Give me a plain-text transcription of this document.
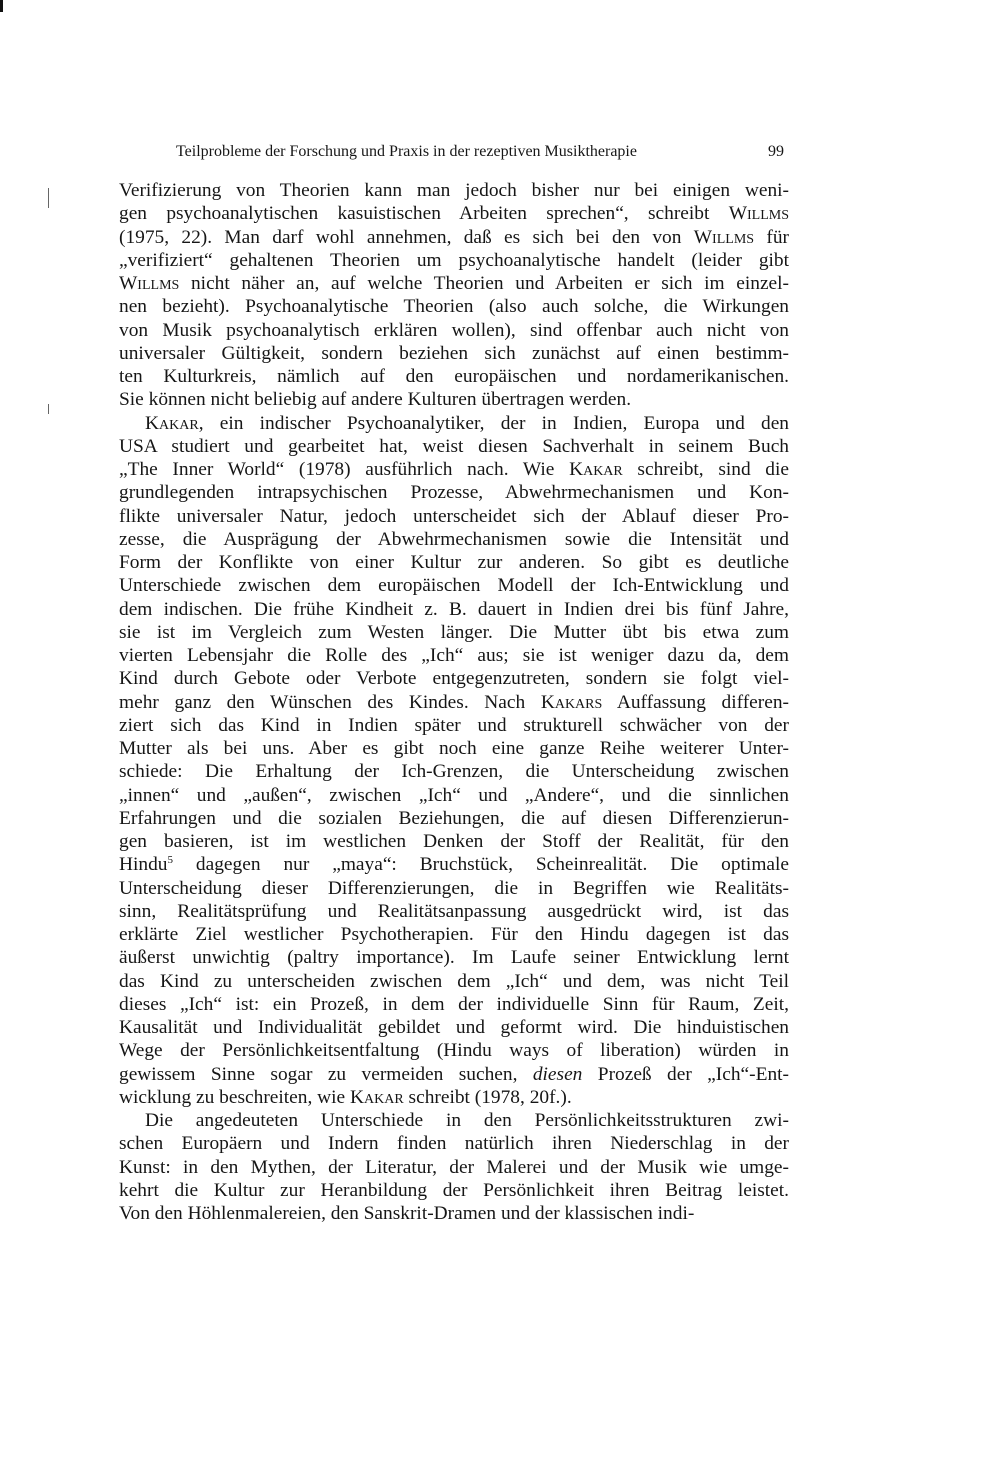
Teilprobleme der Forschung und Praxis in der rezeptiven Musiktherapie	99
Verifizierung von Theorien kann man jedoch bisher nur bei einigen weni-
gen psychoanalytischen kasuistischen Arbeiten sprechen“, schreibt Willms
(1975, 22). Man darf wohl annehmen, daß es sich bei den von Willms für
„verifiziert“ gehaltenen Theorien um psychoanalytische handelt (leider gibt
Willms nicht näher an, auf welche Theorien und Arbeiten er sich im einzel-
nen bezieht). Psychoanalytische Theorien (also auch solche, die Wirkungen
von Musik psychoanalytisch erklären wollen), sind offenbar auch nicht von
universaler Gültigkeit, sondern beziehen sich zunächst auf einen bestimm-
ten Kulturkreis, nämlich auf den europäischen und nordamerikanischen.
Sie können nicht beliebig auf andere Kulturen übertragen werden.
Kakar, ein indischer Psychoanalytiker, der in Indien, Europa und den
USA studiert und gearbeitet hat, weist diesen Sachverhalt in seinem Buch
„The Inner World“ (1978) ausführlich nach. Wie Kakar schreibt, sind die
grundlegenden intrapsychischen Prozesse, Abwehrmechanismen und Kon-
flikte universaler Natur, jedoch unterscheidet sich der Ablauf dieser Pro-
zesse, die Ausprägung der Abwehrmechanismen sowie die Intensität und
Form der Konflikte von einer Kultur zur anderen. So gibt es deutliche
Unterschiede zwischen dem europäischen Modell der Ich-Entwicklung und
dem indischen. Die frühe Kindheit z. B. dauert in Indien drei bis fünf Jahre,
sie ist im Vergleich zum Westen länger. Die Mutter übt bis etwa zum
vierten Lebensjahr die Rolle des „Ich“ aus; sie ist weniger dazu da, dem
Kind durch Gebote oder Verbote entgegenzutreten, sondern sie folgt viel-
mehr ganz den Wünschen des Kindes. Nach Kakars Auffassung differen-
ziert sich das Kind in Indien später und strukturell schwächer von der
Mutter als bei uns. Aber es gibt noch eine ganze Reihe weiterer Unter-
schiede: Die Erhaltung der Ich-Grenzen, die Unterscheidung zwischen
„innen“ und „außen“, zwischen „Ich“ und „Andere“, und die sinnlichen
Erfahrungen und die sozialen Beziehungen, die auf diesen Differenzierun-
gen basieren, ist im westlichen Denken der Stoff der Realität, für den
Hindu$^5$ dagegen nur „maya“: Bruchstück, Scheinrealität. Die optimale
Unterscheidung dieser Differenzierungen, die in Begriffen wie Realitäts-
sinn, Realitätsprüfung und Realitätsanpassung ausgedrückt wird, ist das
erklärte Ziel westlicher Psychotherapien. Für den Hindu dagegen ist das
äußerst unwichtig (paltry importance). Im Laufe seiner Entwicklung lernt
das Kind zu unterscheiden zwischen dem „Ich“ und dem, was nicht Teil
dieses „Ich“ ist: ein Prozeß, in dem der individuelle Sinn für Raum, Zeit,
Kausalität und Individualität gebildet und geformt wird. Die hinduistischen
Wege der Persönlichkeitsentfaltung (Hindu ways of liberation) würden in
gewissem Sinne sogar zu vermeiden suchen, diesen Prozeß der „Ich“-Ent-
wicklung zu beschreiten, wie Kakar schreibt (1978, 20f.).
Die angedeuteten Unterschiede in den Persönlichkeitsstrukturen zwi-
schen Europäern und Indern finden natürlich ihren Niederschlag in der
Kunst: in den Mythen, der Literatur, der Malerei und der Musik wie umge-
kehrt die Kultur zur Heranbildung der Persönlichkeit ihren Beitrag leistet.
Von den Höhlenmalereien, den Sanskrit-Dramen und der klassischen indi-
